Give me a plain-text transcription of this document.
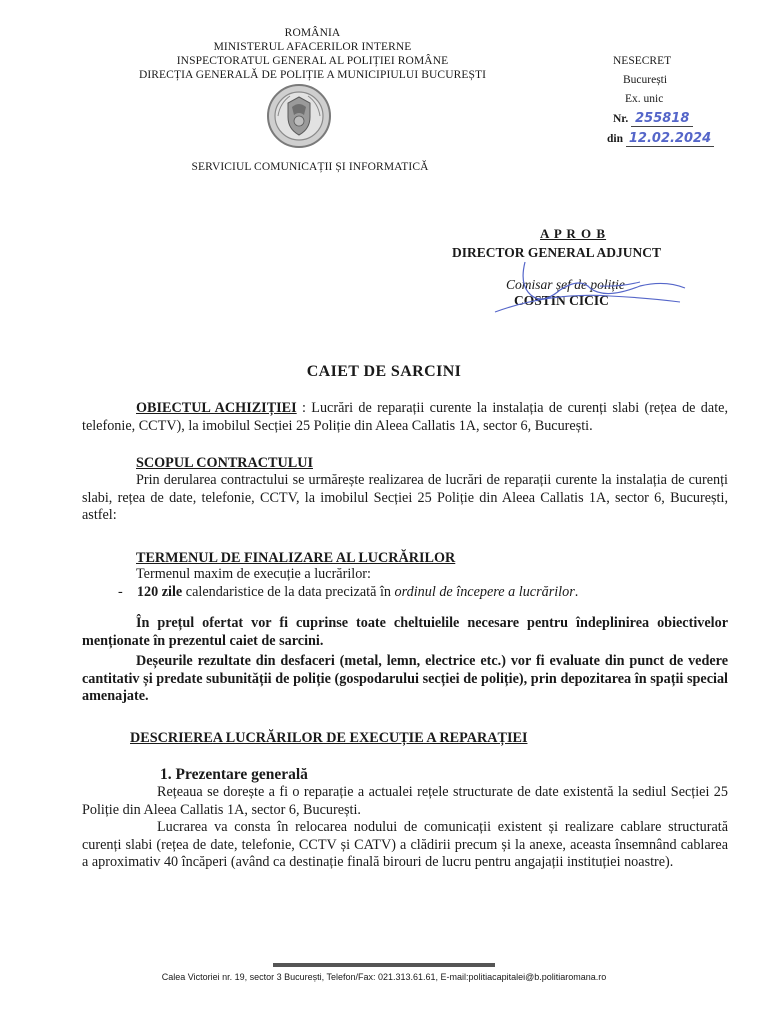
ROMÂNIA
MINISTERUL AFACERILOR INTERNE
INSPECTORATUL GENERAL AL POLIȚIEI ROMÂNE
DIRECȚIA GENERALĂ DE POLIȚIE A MUNICIPIULUI BUCUREȘTI
SERVICIUL COMUNICAȚII ȘI INFORMATICĂ
NESECRET
București
Ex. unic
Nr. 255818
din 12.02.2024
A P R O B
DIRECTOR GENERAL ADJUNCT
Comisar șef de poliție
COSTIN CICIC
CAIET DE SARCINI
OBIECTUL ACHIZIȚIEI : Lucrări de reparații curente la instalația de curenți slabi (rețea de date, telefonie, CCTV), la imobilul Secției 25 Poliție din Aleea Callatis 1A, sector 6, București.
SCOPUL CONTRACTULUI
Prin derularea contractului se urmărește realizarea de lucrări de reparații curente la instalația de curenți slabi, rețea de date, telefonie, CCTV, la imobilul Secției 25 Poliție din Aleea Callatis 1A, sector 6, București, astfel:
TERMENUL DE FINALIZARE AL LUCRĂRILOR
Termenul maxim de execuție a lucrărilor:
- 120 zile calendaristice de la data precizată în ordinul de începere a lucrărilor.
În prețul ofertat vor fi cuprinse toate cheltuielile necesare pentru îndeplinirea obiectivelor menționate în prezentul caiet de sarcini.
Deșeurile rezultate din desfaceri (metal, lemn, electrice etc.) vor fi evaluate din punct de vedere cantitativ și predate subunității de poliție (gospodarului secției de poliție), prin depozitarea în spații special amenajate.
DESCRIEREA LUCRĂRILOR DE EXECUȚIE A REPARAȚIEI
1. Prezentare generală
Rețeaua se dorește a fi o reparație a actualei rețele structurate de date existentă la sediul Secției 25 Poliție din Aleea Callatis 1A, sector 6, București.
Lucrarea va consta în relocarea nodului de comunicații existent și realizare cablare structurată curenți slabi (rețea de date, telefonie, CCTV și CATV) a clădirii precum și la anexe, aceasta însemnând cablarea a aproximativ 40 încăperi (având ca destinație finală birouri de lucru pentru angajații instituției noastre).
Calea Victoriei nr. 19, sector 3 București, Telefon/Fax: 021.313.61.61, E-mail:politiacapitalei@b.politiaromana.ro
